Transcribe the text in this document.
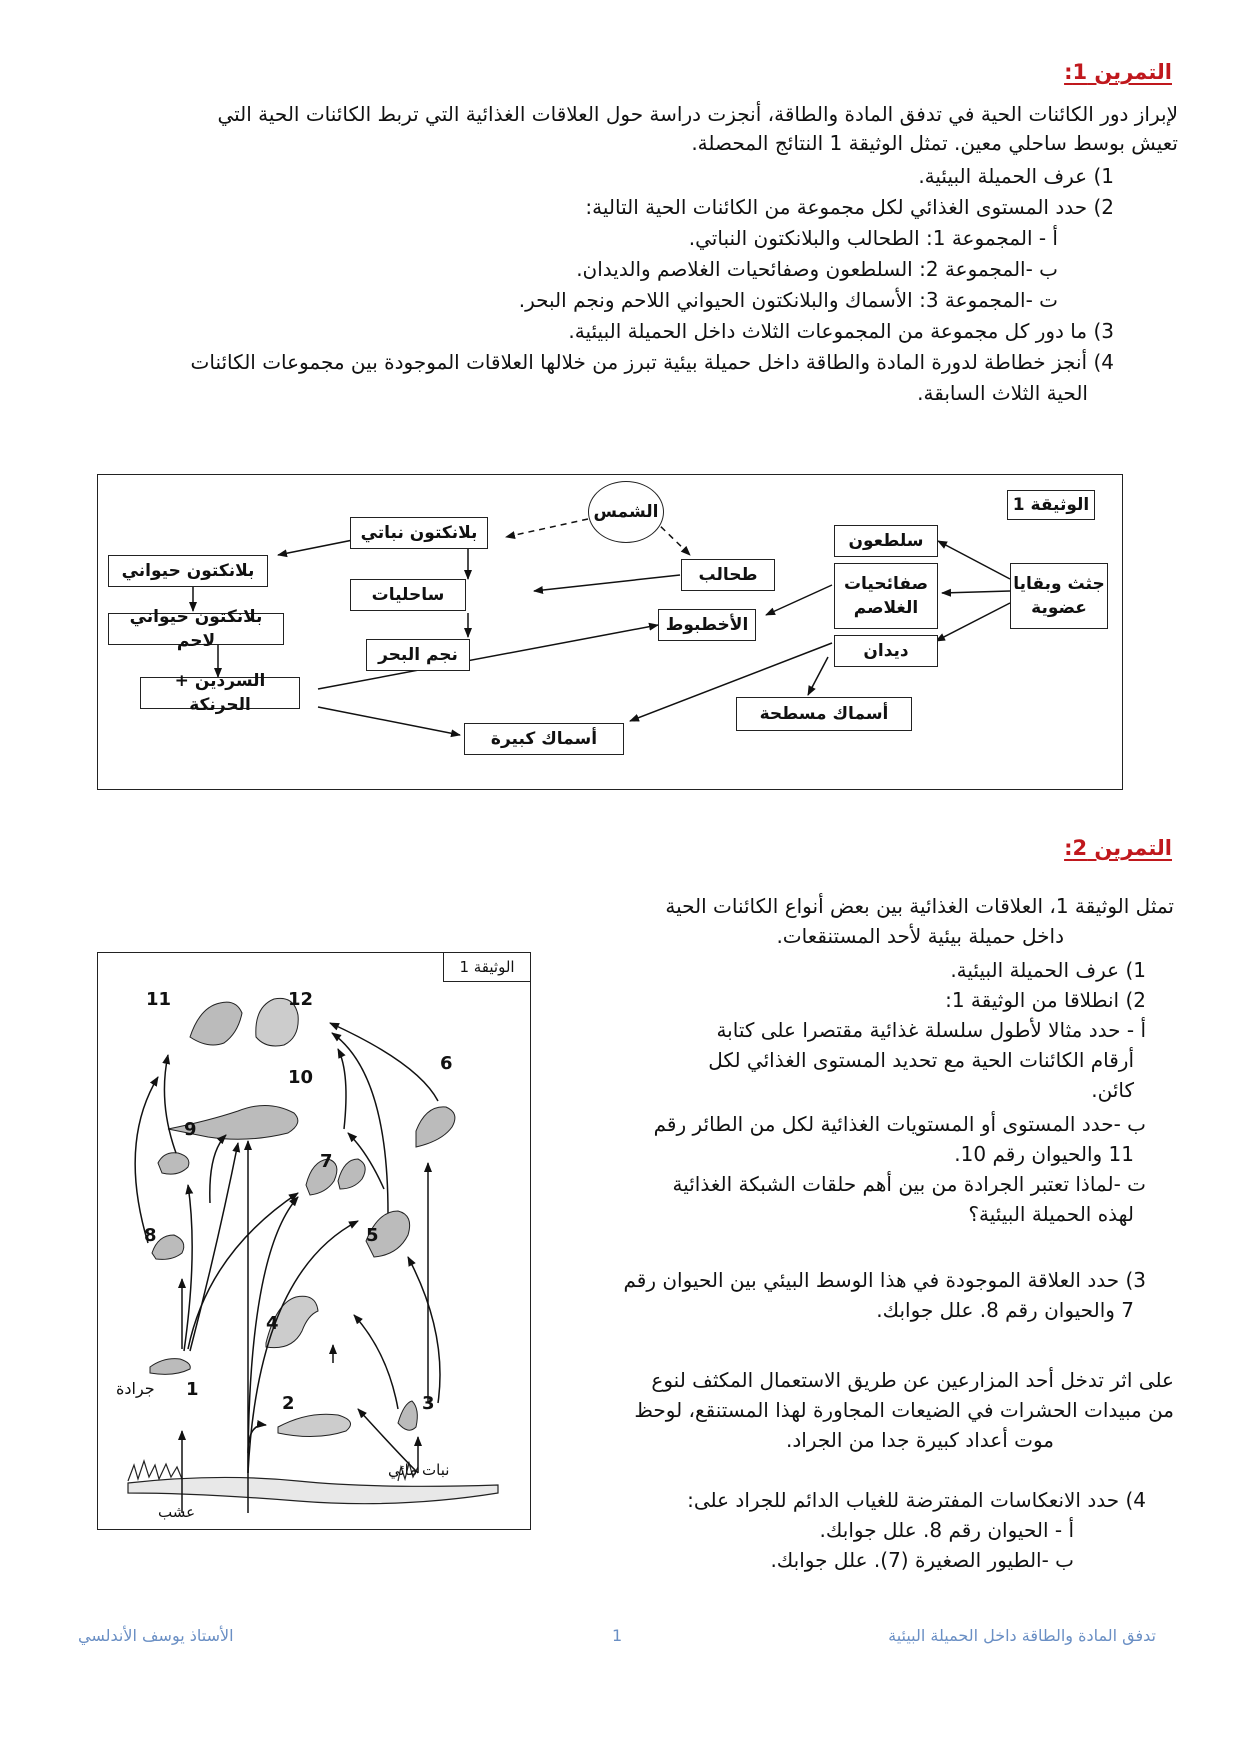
التمرين 1:
لإبراز دور الكائنات الحية في تدفق المادة والطاقة، أنجزت دراسة حول العلاقات الغذائية التي تربط الكائنات الحية التي
تعيش بوسط ساحلي معين. تمثل الوثيقة 1 النتائج المحصلة.
1) عرف الحميلة البيئية.
2) حدد المستوى الغذائي لكل مجموعة من الكائنات الحية التالية:
أ - المجموعة 1: الطحالب والبلانكتون النباتي.
ب -المجموعة 2: السلطعون وصفائحيات الغلاصم والديدان.
ت -المجموعة 3: الأسماك والبلانكتون الحيواني اللاحم ونجم البحر.
3) ما دور كل مجموعة من المجموعات الثلاث داخل الحميلة البيئية.
4) أنجز خطاطة لدورة المادة والطاقة داخل حميلة بيئية تبرز من خلالها العلاقات الموجودة بين مجموعات الكائنات
الحية الثلاث السابقة.
الوثيقة 1
الشمس
بلانكتون نباتي
بلانكتون حيواني
بلانكتون حيواني لاحم
ساحليات
نجم البحر
طحالب
الأخطبوط
السردين + الحرنكة
أسماك كبيرة
أسماك مسطحة
سلطعون
صفائحيات
الغلاصم
ديدان
جثث وبقايا
عضوية
التمرين 2:
تمثل الوثيقة 1، العلاقات الغذائية بين بعض أنواع الكائنات الحية
داخل حميلة بيئية لأحد المستنقعات.
1) عرف الحميلة البيئية.
2) انطلاقا من الوثيقة 1:
أ - حدد مثالا لأطول سلسلة غذائية مقتصرا على كتابة
أرقام الكائنات الحية مع تحديد المستوى الغذائي لكل
كائن.
ب -حدد المستوى أو المستويات الغذائية لكل من الطائر رقم
11 والحيوان رقم 10.
ت -لماذا تعتبر الجرادة من بين أهم حلقات الشبكة الغذائية
لهذه الحميلة البيئية؟
3) حدد العلاقة الموجودة في هذا الوسط البيئي بين الحيوان رقم
7 والحيوان رقم 8. علل جوابك.
على اثر تدخل أحد المزارعين عن طريق الاستعمال المكثف لنوع
من مبيدات الحشرات في الضيعات المجاورة لهذا المستنقع، لوحظ
موت أعداد كبيرة جدا من الجراد.
4) حدد الانعكاسات المفترضة للغياب الدائم للجراد على:
أ - الحيوان رقم 8. علل جوابك.
ب -الطيور الصغيرة (7). علل جوابك.
الوثيقة 1
11	12
6
10
9
7
8	5
4
1
جرادة
2	3
نبات مائي
عشب
تدفق المادة والطاقة داخل الحميلة البيئية
1
الأستاذ يوسف الأندلسي
